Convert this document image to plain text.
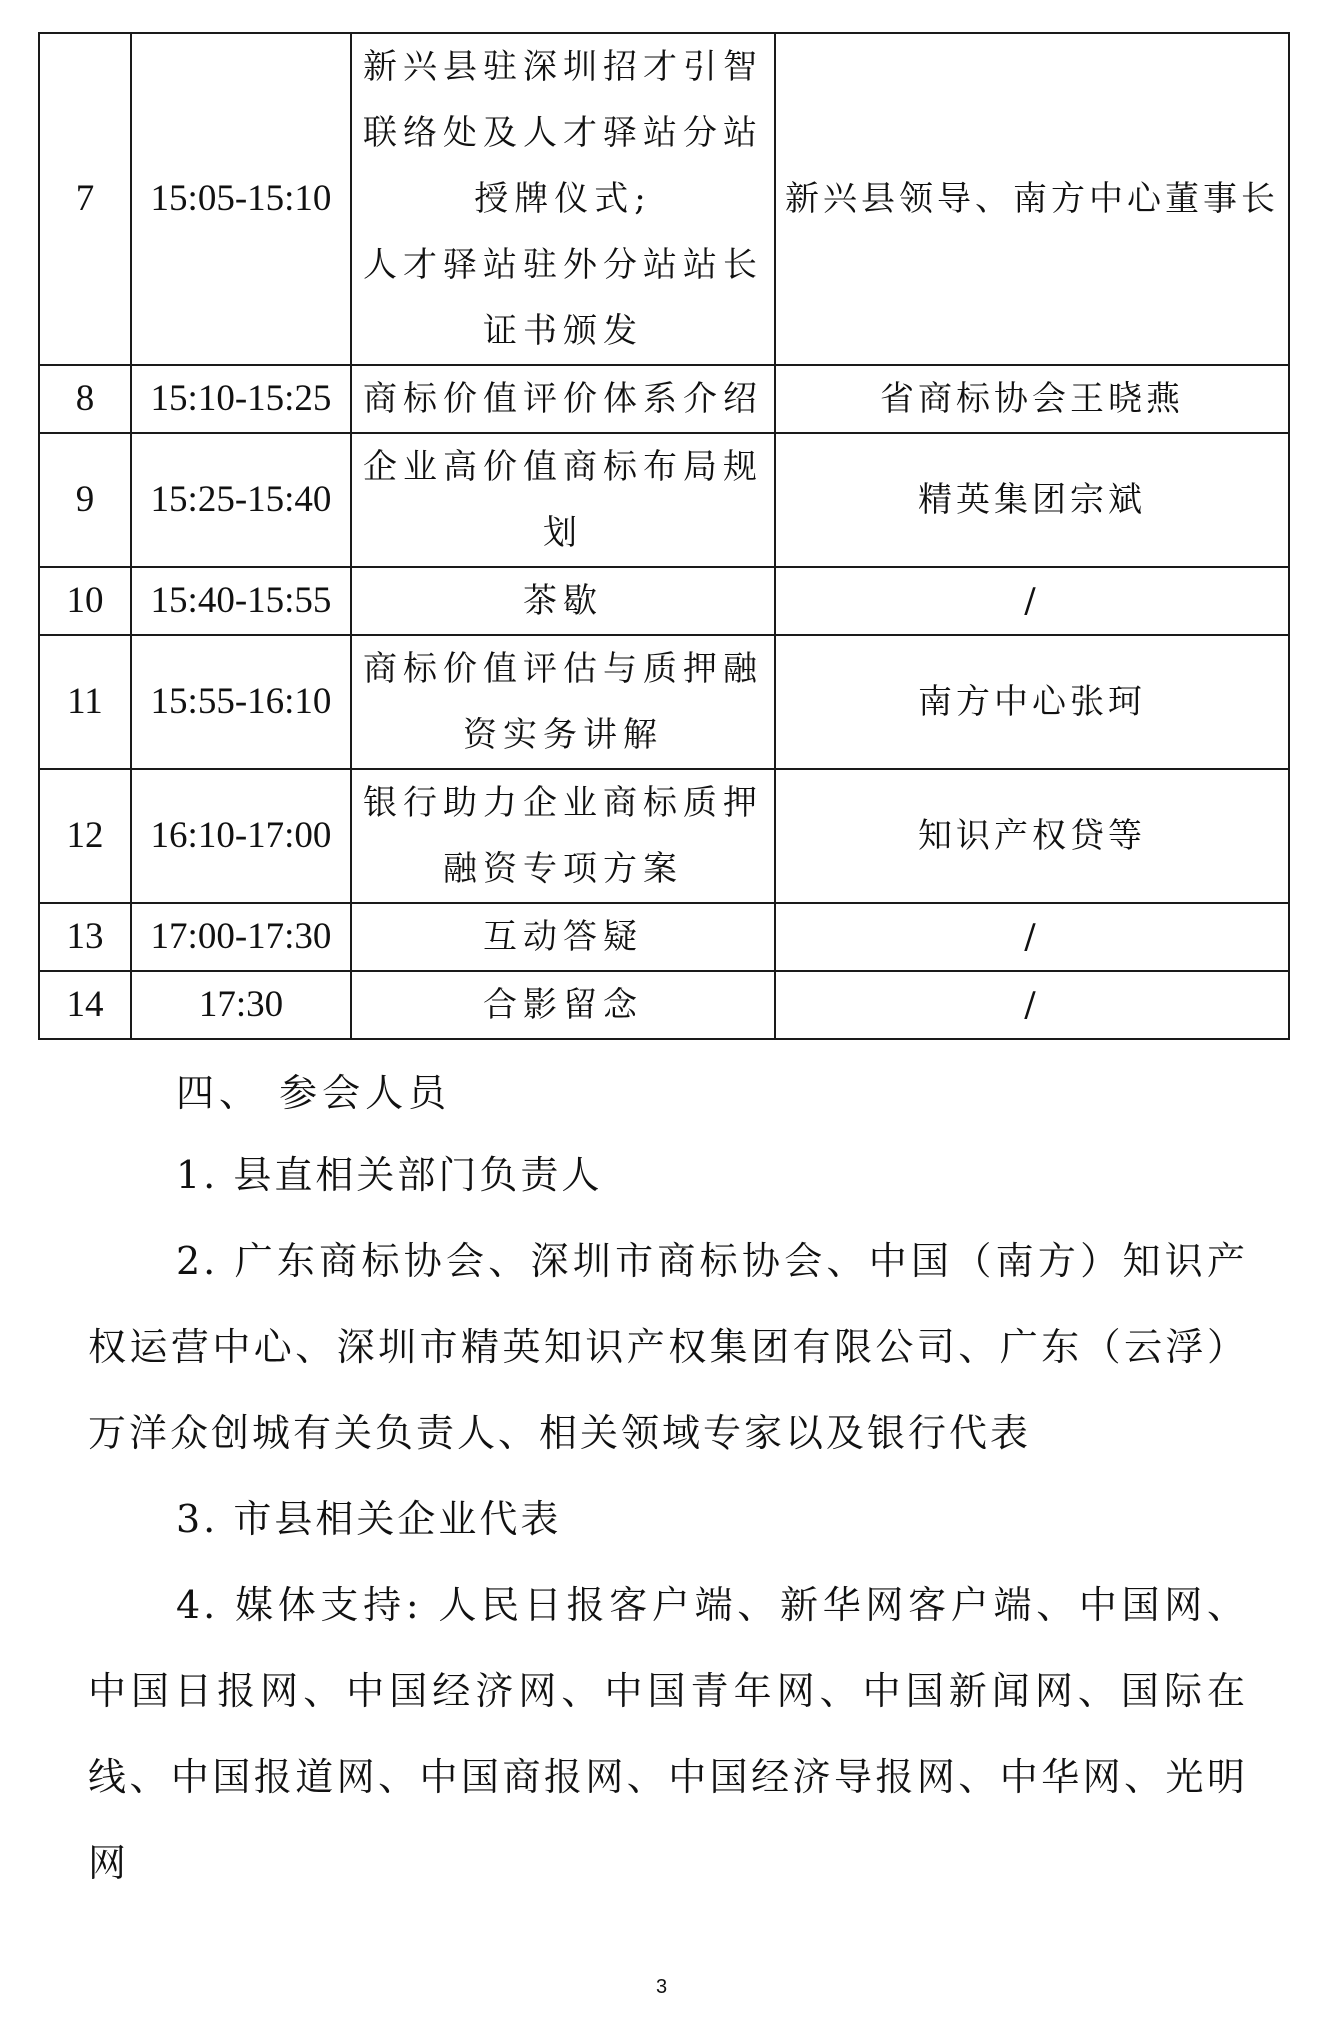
7	15:05-15:10	新兴县驻深圳招才引智
联络处及人才驿站分站
授牌仪式;
人才驿站驻外分站站长
证书颁发	新兴县领导、南方中心董事长
8	15:10-15:25	商标价值评价体系介绍	省商标协会王晓燕
9	15:25-15:40	企业高价值商标布局规
划	精英集团宗斌
10	15:40-15:55	茶歇	/
11	15:55-16:10	商标价值评估与质押融
资实务讲解	南方中心张珂
12	16:10-17:00	银行助力企业商标质押
融资专项方案	知识产权贷等
13	17:00-17:30	互动答疑	/
14	17:30	合影留念	/

四、 参会人员

1. 县直相关部门负责人

2. 广东商标协会、深圳市商标协会、中国（南方）知识产权运营中心、深圳市精英知识产权集团有限公司、广东（云浮）万洋众创城有关负责人、相关领域专家以及银行代表

3. 市县相关企业代表

4. 媒体支持: 人民日报客户端、新华网客户端、中国网、中国日报网、中国经济网、中国青年网、中国新闻网、国际在线、中国报道网、中国商报网、中国经济导报网、中华网、光明网

3
